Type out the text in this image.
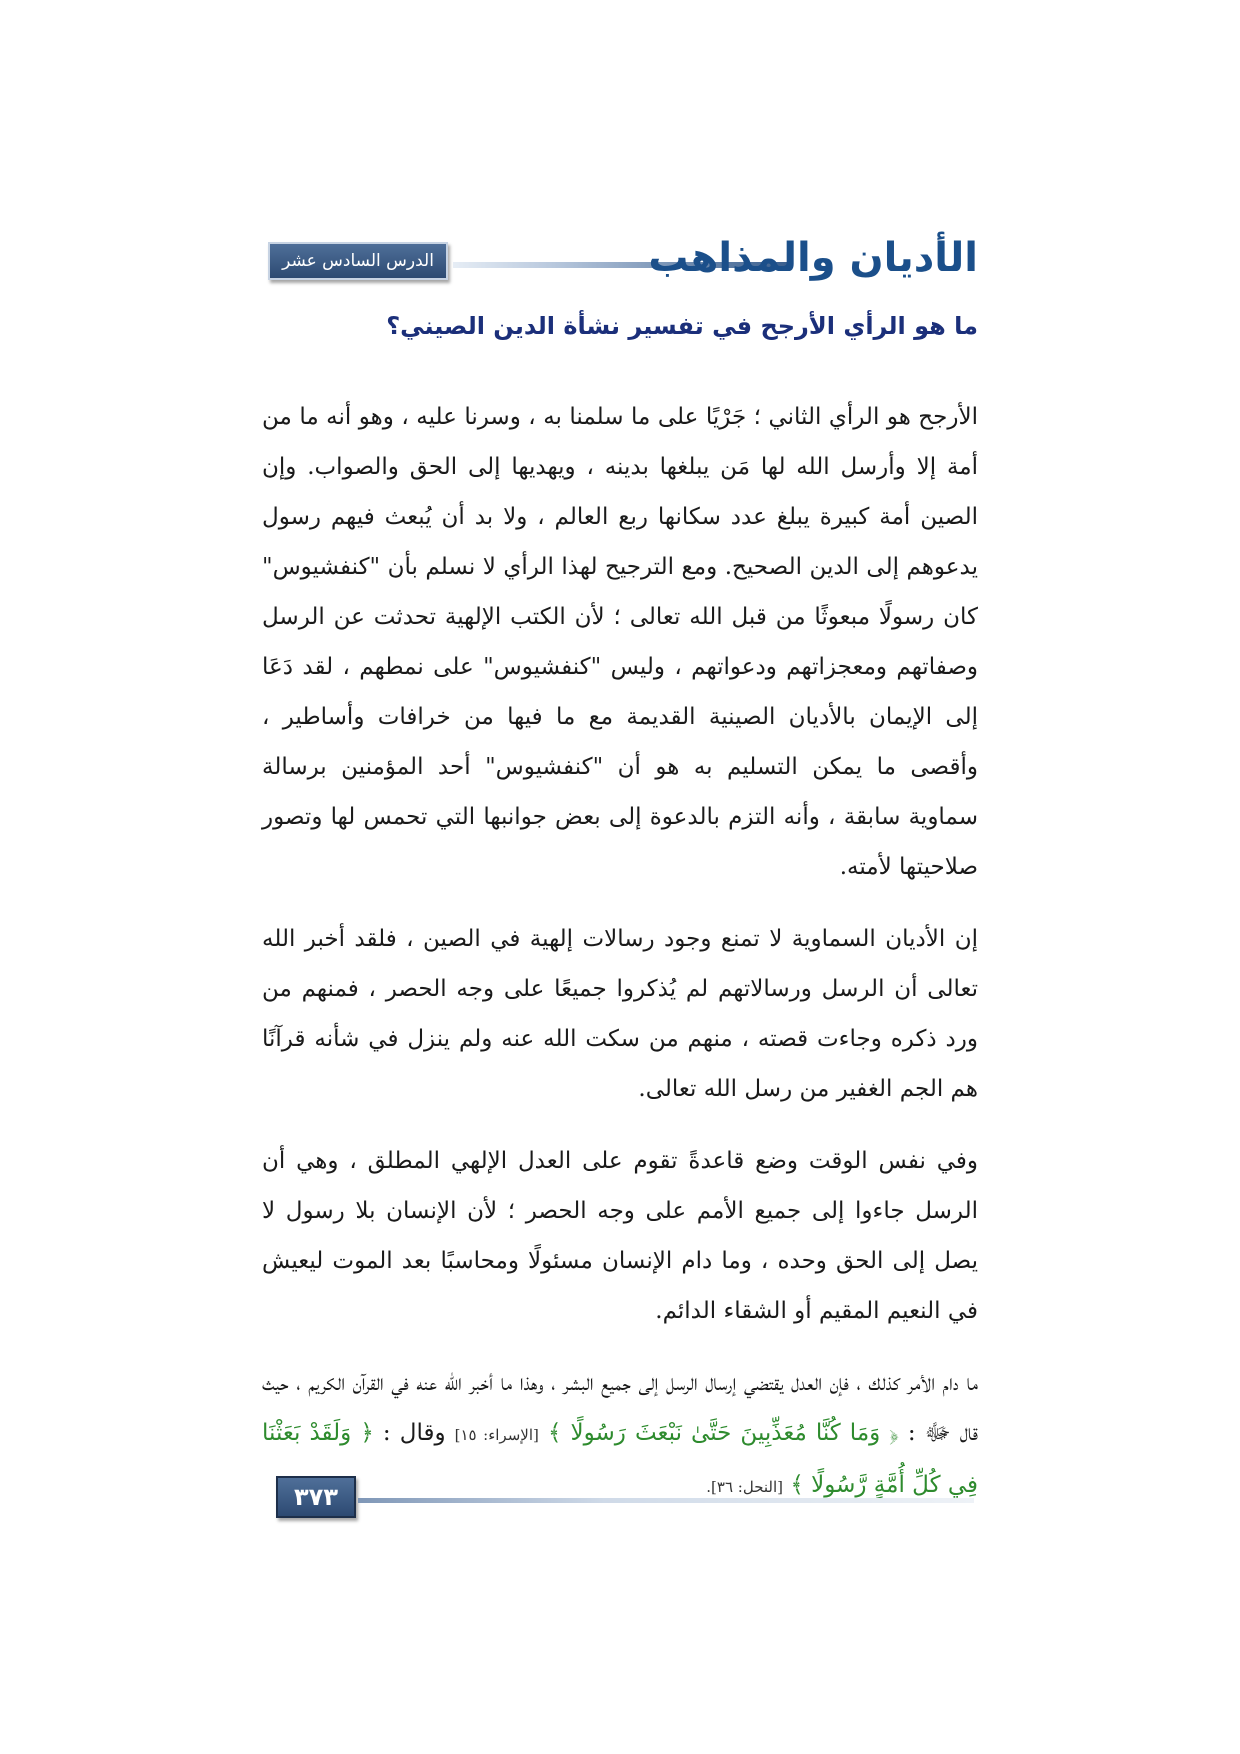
الدرس السادس عشر	الأديان والمذاهب
ما هو الرأي الأرجح في تفسير نشأة الدين الصيني؟

الأرجح هو الرأي الثاني ؛ جَرْيًا على ما سلمنا به ، وسرنا عليه ، وهو أنه ما من أمة إلا وأرسل الله لها مَن يبلغها بدينه ، ويهديها إلى الحق والصواب. وإن الصين أمة كبيرة يبلغ عدد سكانها ربع العالم ، ولا بد أن يُبعث فيهم رسول يدعوهم إلى الدين الصحيح. ومع الترجيح لهذا الرأي لا نسلم بأن "كنفشيوس" كان رسولًا مبعوثًا من قبل الله تعالى ؛ لأن الكتب الإلهية تحدثت عن الرسل وصفاتهم ومعجزاتهم ودعواتهم ، وليس "كنفشيوس" على نمطهم ، لقد دَعَا إلى الإيمان بالأديان الصينية القديمة مع ما فيها من خرافات وأساطير ، وأقصى ما يمكن التسليم به هو أن "كنفشيوس" أحد المؤمنين برسالة سماوية سابقة ، وأنه التزم بالدعوة إلى بعض جوانبها التي تحمس لها وتصور صلاحيتها لأمته.

إن الأديان السماوية لا تمنع وجود رسالات إلهية في الصين ، فلقد أخبر الله تعالى أن الرسل ورسالاتهم لم يُذكروا جميعًا على وجه الحصر ، فمنهم من ورد ذكره وجاءت قصته ، منهم من سكت الله عنه ولم ينزل في شأنه قرآنًا هم الجم الغفير من رسل الله تعالى.

وفي نفس الوقت وضع قاعدةً تقوم على العدل الإلهي المطلق ، وهي أن الرسل جاءوا إلى جميع الأمم على وجه الحصر ؛ لأن الإنسان بلا رسول لا يصل إلى الحق وحده ، وما دام الإنسان مسئولًا ومحاسبًا بعد الموت ليعيش في النعيم المقيم أو الشقاء الدائم.

ما دام الأمر كذلك ، فإن العدل يقتضي إرسال الرسل إلى جميع البشر ، وهذا ما أخبر الله عنه في القرآن الكريم ، حيث قال ﷻ : ﴿ وَمَا كُنَّا مُعَذِّبِينَ حَتَّىٰ نَبْعَثَ رَسُولًا ﴾ [الإسراء: ١٥] وقال : ﴿ وَلَقَدْ بَعَثْنَا فِي كُلِّ أُمَّةٍ رَّسُولًا ﴾ [النحل: ٣٦].

٣٧٣
